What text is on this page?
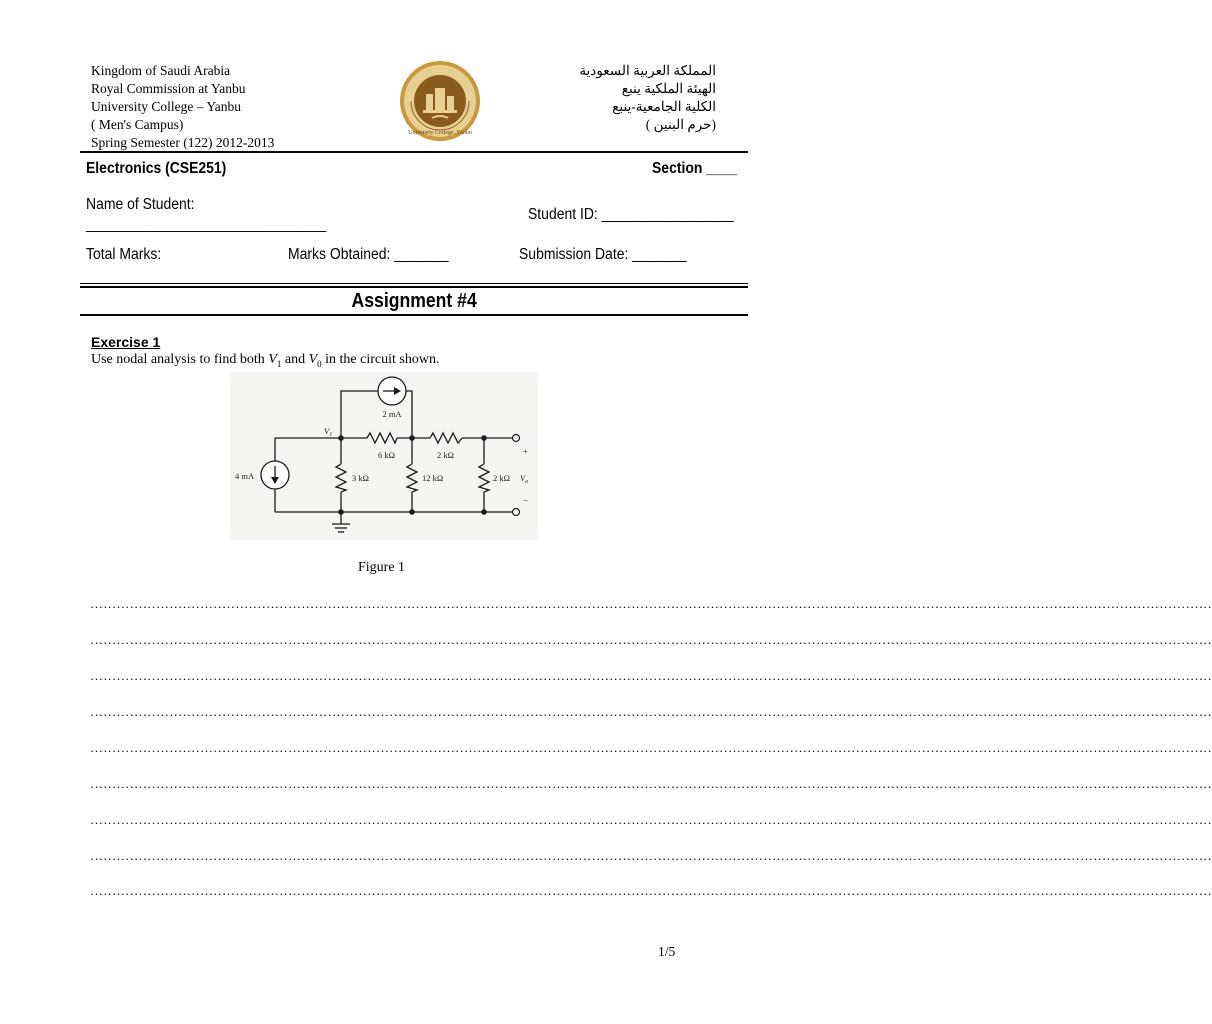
Kingdom of Saudi Arabia
Royal Commission at Yanbu
University College – Yanbu
( Men's Campus)
Spring Semester (122) 2012-2013
University College, Yanbu
المملكة العربية السعودية
الهيئة الملكية ينبع
الكلية الجامعية-ينبع
(حرم البنين )
Electronics (CSE251)	Section ____
Name of Student:
________________________________
Student ID: _________________
Total Marks:	Marks Obtained: _______	Submission Date: _______
Assignment #4
Exercise 1
Use nodal analysis to find both $V_1$ and $V_0$ in the circuit shown.
2 mA
4 mA
6 kΩ	2 kΩ
3 kΩ	12 kΩ	2 kΩ
+
−
$V_1$
$V_o$
Figure 1
…………………………………………………………………………………………………………………………………………………………………………………………………………………………………
…………………………………………………………………………………………………………………………………………………………………………………………………………………………………
…………………………………………………………………………………………………………………………………………………………………………………………………………………………………
…………………………………………………………………………………………………………………………………………………………………………………………………………………………………
…………………………………………………………………………………………………………………………………………………………………………………………………………………………………
…………………………………………………………………………………………………………………………………………………………………………………………………………………………………
…………………………………………………………………………………………………………………………………………………………………………………………………………………………………
…………………………………………………………………………………………………………………………………………………………………………………………………………………………………
…………………………………………………………………………………………………………………………………………………………………………………………………………………………………
1/5
